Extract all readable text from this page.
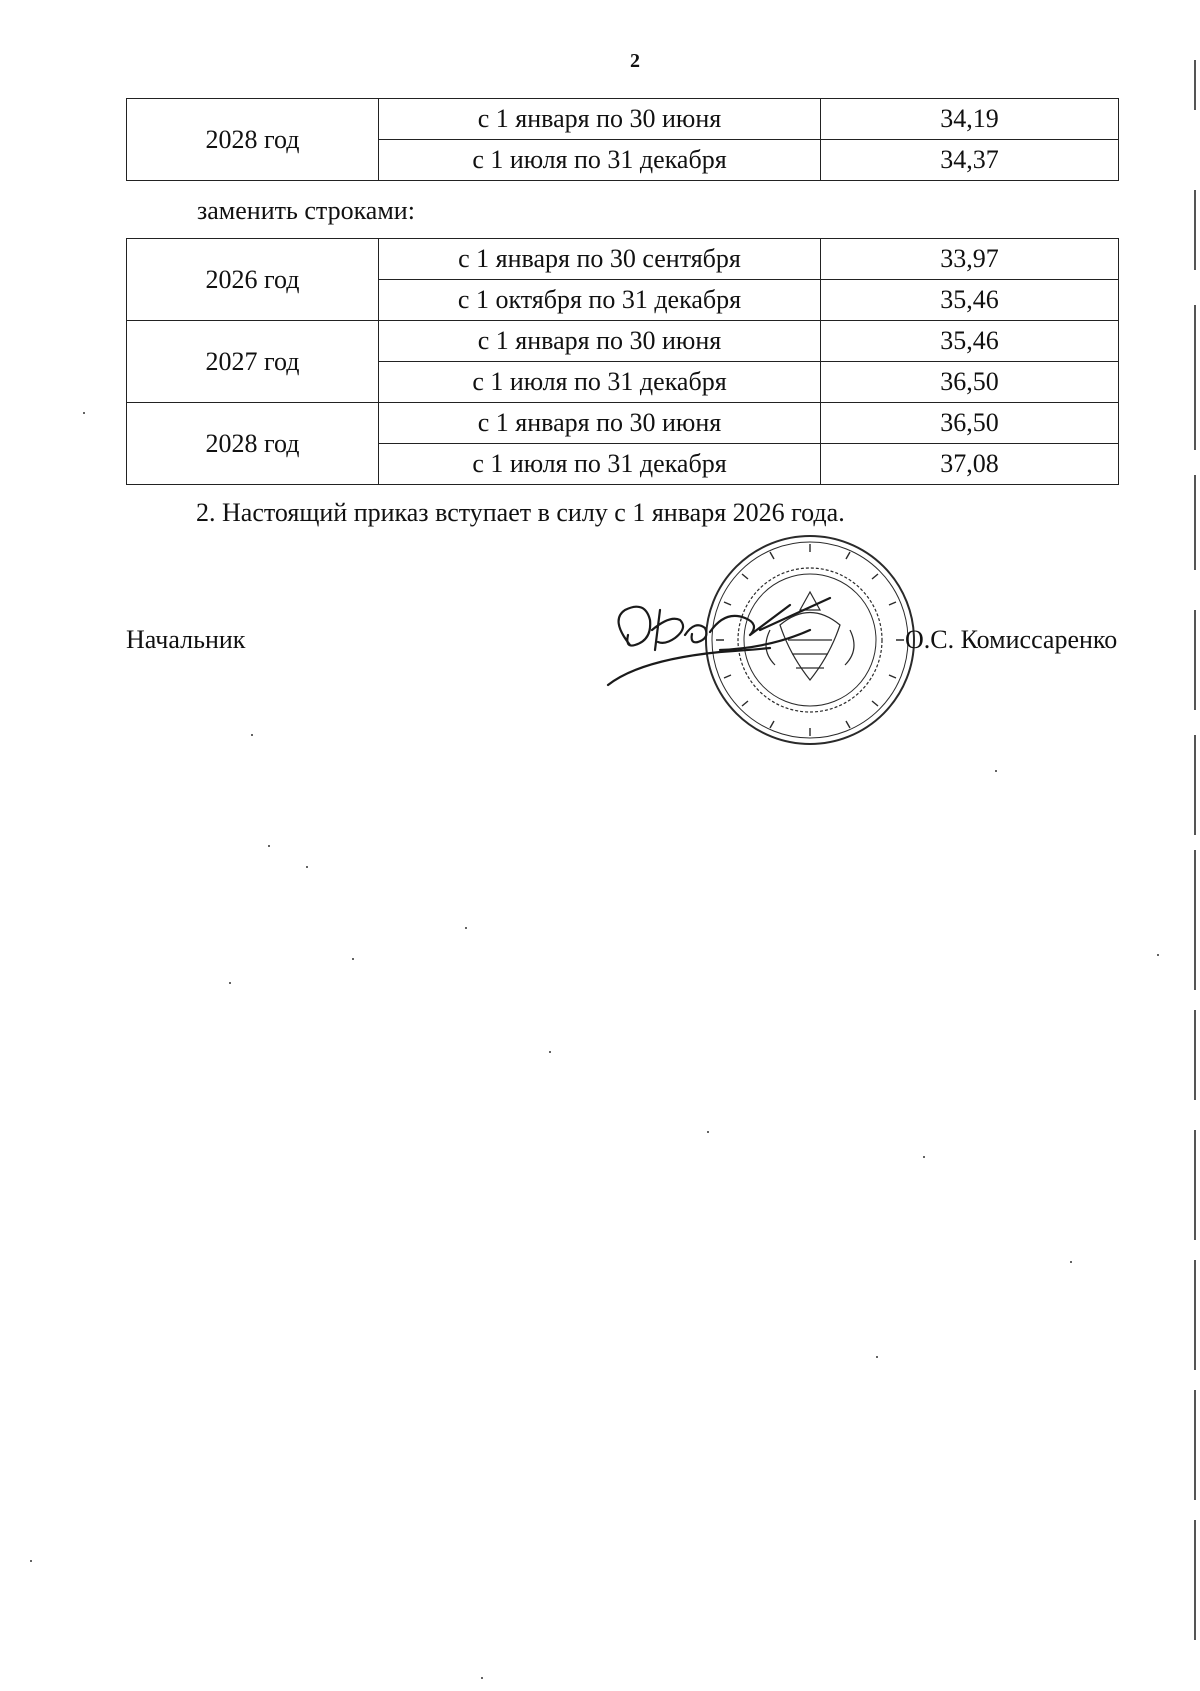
2
2028 год	с 1 января по 30 июня	34,19
	с 1 июля по 31 декабря	34,37
заменить строками:
2026 год	с 1 января по 30 сентября	33,97
	с 1 октября по 31 декабря	35,46
2027 год	с 1 января по 30 июня	35,46
	с 1 июля по 31 декабря	36,50
2028 год	с 1 января по 30 июня	36,50
	с 1 июля по 31 декабря	37,08
2. Настоящий приказ вступает в силу с 1 января 2026 года.
Начальник	О.С. Комиссаренко
